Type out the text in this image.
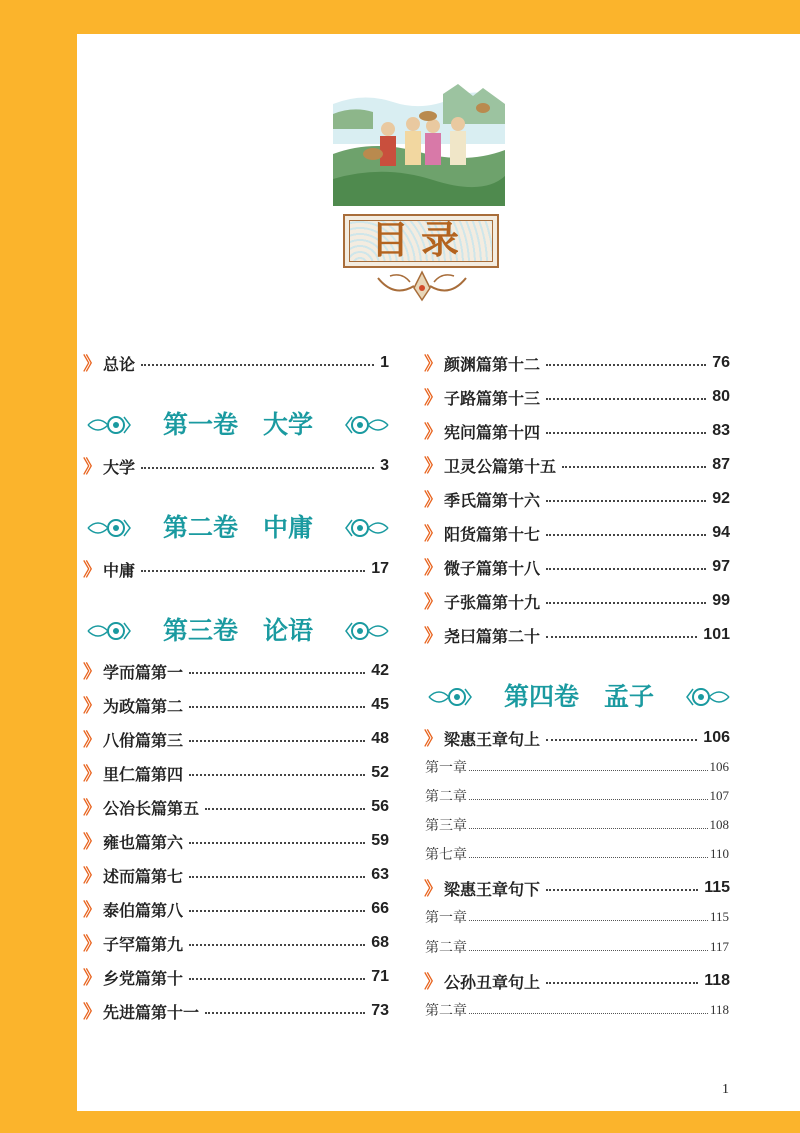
目录
》 总论	1
第一卷　大学
》 大学	3
第二卷　中庸
》 中庸	17
第三卷　论语
》 学而篇第一	42
》 为政篇第二	45
》 八佾篇第三	48
》 里仁篇第四	52
》 公冶长篇第五	56
》 雍也篇第六	59
》 述而篇第七	63
》 泰伯篇第八	66
》 子罕篇第九	68
》 乡党篇第十	71
》 先进篇第十一	73
》 颜渊篇第十二	76
》 子路篇第十三	80
》 宪问篇第十四	83
》 卫灵公篇第十五	87
》 季氏篇第十六	92
》 阳货篇第十七	94
》 微子篇第十八	97
》 子张篇第十九	99
》 尧曰篇第二十	101
第四卷　孟子
》 梁惠王章句上	106
第一章	106
第二章	107
第三章	108
第七章	110
》 梁惠王章句下	115
第一章	115
第二章	117
》 公孙丑章句上	118
第二章	118
1
